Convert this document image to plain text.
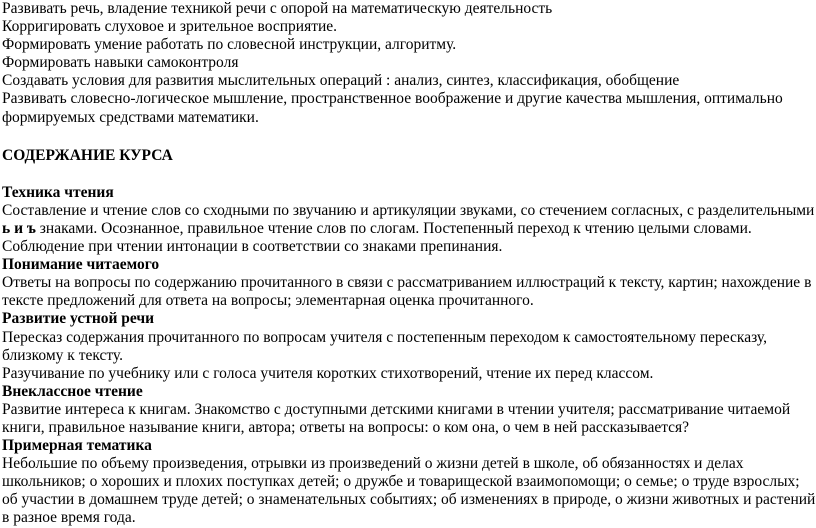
Развивать речь, владение техникой речи с опорой на математическую деятельность

Корригировать слуховое и зрительное восприятие.

Формировать умение работать по словесной инструкции, алгоритму.

Формировать навыки самоконтроля

Создавать условия для развития мыслительных операций : анализ, синтез, классификация, обобщение

Развивать словесно-логическое мышление, пространственное воображение и другие качества мышления, оптимально формируемых средствами математики.

СОДЕРЖАНИЕ КУРСА

Техника чтения

Составление и чтение слов со сходными по звучанию и артикуляции звуками, со стечением согласных, с разделительными ь и ъ знаками. Осознанное, правильное чтение слов по слогам. Постепенный переход к чтению целыми словами. Соблюдение при чтении интонации в соответствии со знаками препинания.

Понимание читаемого

Ответы на вопросы по содержанию прочитанного в связи с рассматриванием иллюстраций к тексту, картин; нахождение в тексте предложений для ответа на вопросы; элементарная оценка прочитанного.

Развитие устной речи

Пересказ содержания прочитанного по вопросам учителя с постепенным переходом к самостоятельному пересказу, близкому к тексту.

Разучивание по учебнику или с голоса учителя коротких стихотворений, чтение их перед классом.

Внеклассное чтение

Развитие интереса к книгам. Знакомство с доступными детскими книгами в чтении учителя; рассматривание читаемой книги, правильное называние книги, автора; ответы на вопросы: о ком она, о чем в ней рассказывается?

Примерная тематика

Небольшие по объему произведения, отрывки из произведений о жизни детей в школе, об обязанностях и делах школьников; о хороших и плохих поступках детей; о дружбе и товарищеской взаимопомощи; о семье; о труде взрослых; об участии в домашнем труде детей; о знаменательных событиях; об изменениях в природе, о жизни животных и растений в разное время года.
